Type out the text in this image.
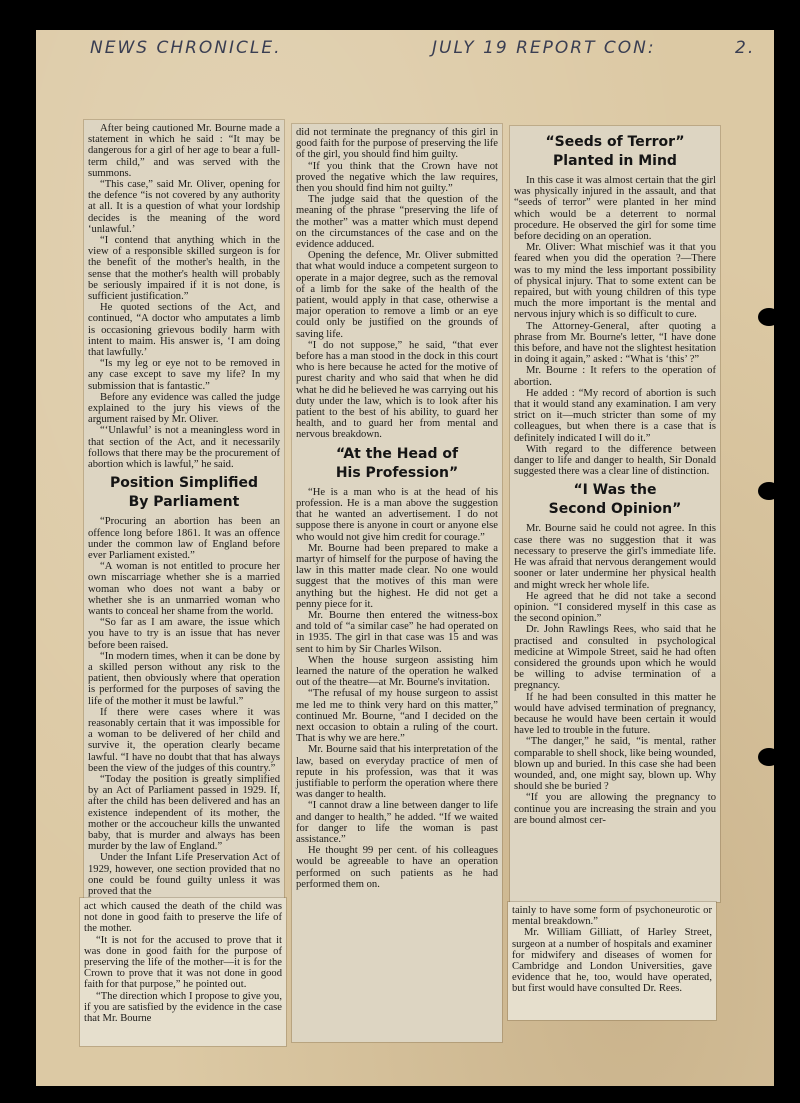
NEWS CHRONICLE.	JULY 19 REPORT CON:	2.

After being cautioned Mr. Bourne made a statement in which he said : “It may be dangerous for a girl of her age to bear a full-term child,” and was served with the summons.

“This case,” said Mr. Oliver, opening for the defence “is not covered by any authority at all. It is a question of what your lordship decides is the meaning of the word ‘unlawful.’

“I contend that anything which in the view of a responsible skilled surgeon is for the benefit of the mother's health, in the sense that the mother's health will probably be seriously impaired if it is not done, is sufficient justification.”

He quoted sections of the Act, and continued, “A doctor who amputates a limb is occasioning grievous bodily harm with intent to maim. His answer is, ‘I am doing that lawfully.’

“Is my leg or eye not to be removed in any case except to save my life? In my submission that is fantastic.”

Before any evidence was called the judge explained to the jury his views of the argument raised by Mr. Oliver.

“‘Unlawful’ is not a meaningless word in that section of the Act, and it necessarily follows that there may be the procurement of abortion which is lawful,” he said.

Position Simplified
By Parliament

“Procuring an abortion has been an offence long before 1861. It was an offence under the common law of England before ever Parliament existed.”

“A woman is not entitled to procure her own miscarriage whether she is a married woman who does not want a baby or whether she is an unmarried woman who wants to conceal her shame from the world.

“So far as I am aware, the issue which you have to try is an issue that has never before been raised.

“In modern times, when it can be done by a skilled person without any risk to the patient, then obviously where that operation is performed for the purposes of saving the life of the mother it must be lawful.”

If there were cases where it was reasonably certain that it was impossible for a woman to be delivered of her child and survive it, the operation clearly became lawful. “I have no doubt that that has always been the view of the judges of this country.”

“Today the position is greatly simplified by an Act of Parliament passed in 1929. If, after the child has been delivered and has an existence independent of its mother, the mother or the accoucheur kills the unwanted baby, that is murder and always has been murder by the law of England.”

Under the Infant Life Preservation Act of 1929, however, one section provided that no one could be found guilty unless it was proved that the

act which caused the death of the child was not done in good faith to preserve the life of the mother.

“It is not for the accused to prove that it was done in good faith for the purpose of preserving the life of the mother—it is for the Crown to prove that it was not done in good faith for that purpose,” he pointed out.

“The direction which I propose to give you, if you are satisfied by the evidence in the case that Mr. Bourne

did not terminate the pregnancy of this girl in good faith for the purpose of preserving the life of the girl, you should find him guilty.

“If you think that the Crown have not proved the negative which the law requires, then you should find him not guilty.”

The judge said that the question of the meaning of the phrase “preserving the life of the mother” was a matter which must depend on the circumstances of the case and on the evidence adduced.

Opening the defence, Mr. Oliver submitted that what would induce a competent surgeon to operate in a major degree, such as the removal of a limb for the sake of the health of the patient, would apply in that case, otherwise a major operation to remove a limb or an eye could only be justified on the grounds of saving life.

“I do not suppose,” he said, “that ever before has a man stood in the dock in this court who is here because he acted for the motive of purest charity and who said that when he did what he did he believed he was carrying out his duty under the law, which is to look after his patient to the best of his ability, to guard her health, and to guard her from mental and nervous breakdown.

“At the Head of
His Profession”

“He is a man who is at the head of his profession. He is a man above the suggestion that he wanted an advertisement. I do not suppose there is anyone in court or anyone else who would not give him credit for courage.”

Mr. Bourne had been prepared to make a martyr of himself for the purpose of having the law in this matter made clear. No one would suggest that the motives of this man were anything but the highest. He did not get a penny piece for it.

Mr. Bourne then entered the witness-box and told of “a similar case” he had operated on in 1935. The girl in that case was 15 and was sent to him by Sir Charles Wilson.

When the house surgeon assisting him learned the nature of the operation he walked out of the theatre—at Mr. Bourne's invitation.

“The refusal of my house surgeon to assist me led me to think very hard on this matter,” continued Mr. Bourne, “and I decided on the next occasion to obtain a ruling of the court. That is why we are here.”

Mr. Bourne said that his interpretation of the law, based on everyday practice of men of repute in his profession, was that it was justifiable to perform the operation where there was danger to health.

“I cannot draw a line between danger to life and danger to health,” he added. “If we waited for danger to life the woman is past assistance.”

He thought 99 per cent. of his colleagues would be agreeable to have an operation performed on such patients as he had performed them on.

“Seeds of Terror”
Planted in Mind

In this case it was almost certain that the girl was physically injured in the assault, and that “seeds of terror” were planted in her mind which would be a deterrent to normal procedure. He observed the girl for some time before deciding on an operation.

Mr. Oliver: What mischief was it that you feared when you did the operation ?—There was to my mind the less important possibility of physical injury. That to some extent can be repaired, but with young children of this type much the more important is the mental and nervous injury which is so difficult to cure.

The Attorney-General, after quoting a phrase from Mr. Bourne's letter, “I have done this before, and have not the slightest hesitation in doing it again,” asked : “What is ‘this’ ?”

Mr. Bourne : It refers to the operation of abortion.

He added : “My record of abortion is such that it would stand any examination. I am very strict on it—much stricter than some of my colleagues, but when there is a case that is definitely indicated I will do it.”

With regard to the difference between danger to life and danger to health, Sir Donald suggested there was a clear line of distinction.

“I Was the
Second Opinion”

Mr. Bourne said he could not agree. In this case there was no suggestion that it was necessary to preserve the girl's immediate life. He was afraid that nervous derangement would sooner or later undermine her physical health and might wreck her whole life.

He agreed that he did not take a second opinion. “I considered myself in this case as the second opinion.”

Dr. John Rawlings Rees, who said that he practised and consulted in psychological medicine at Wimpole Street, said he had often considered the grounds upon which he would be willing to advise termination of a pregnancy.

If he had been consulted in this matter he would have advised termination of pregnancy, because he would have been certain it would have led to trouble in the future.

“The danger,” he said, “is mental, rather comparable to shell shock, like being wounded, blown up and buried. In this case she had been wounded, and, one might say, blown up. Why should she be buried ?

“If you are allowing the pregnancy to continue you are increasing the strain and you are bound almost cer-

tainly to have some form of psychoneurotic or mental breakdown.”

Mr. William Gilliatt, of Harley Street, surgeon at a number of hospitals and examiner for midwifery and diseases of women for Cambridge and London Universities, gave evidence that he, too, would have operated, but first would have consulted Dr. Rees.
